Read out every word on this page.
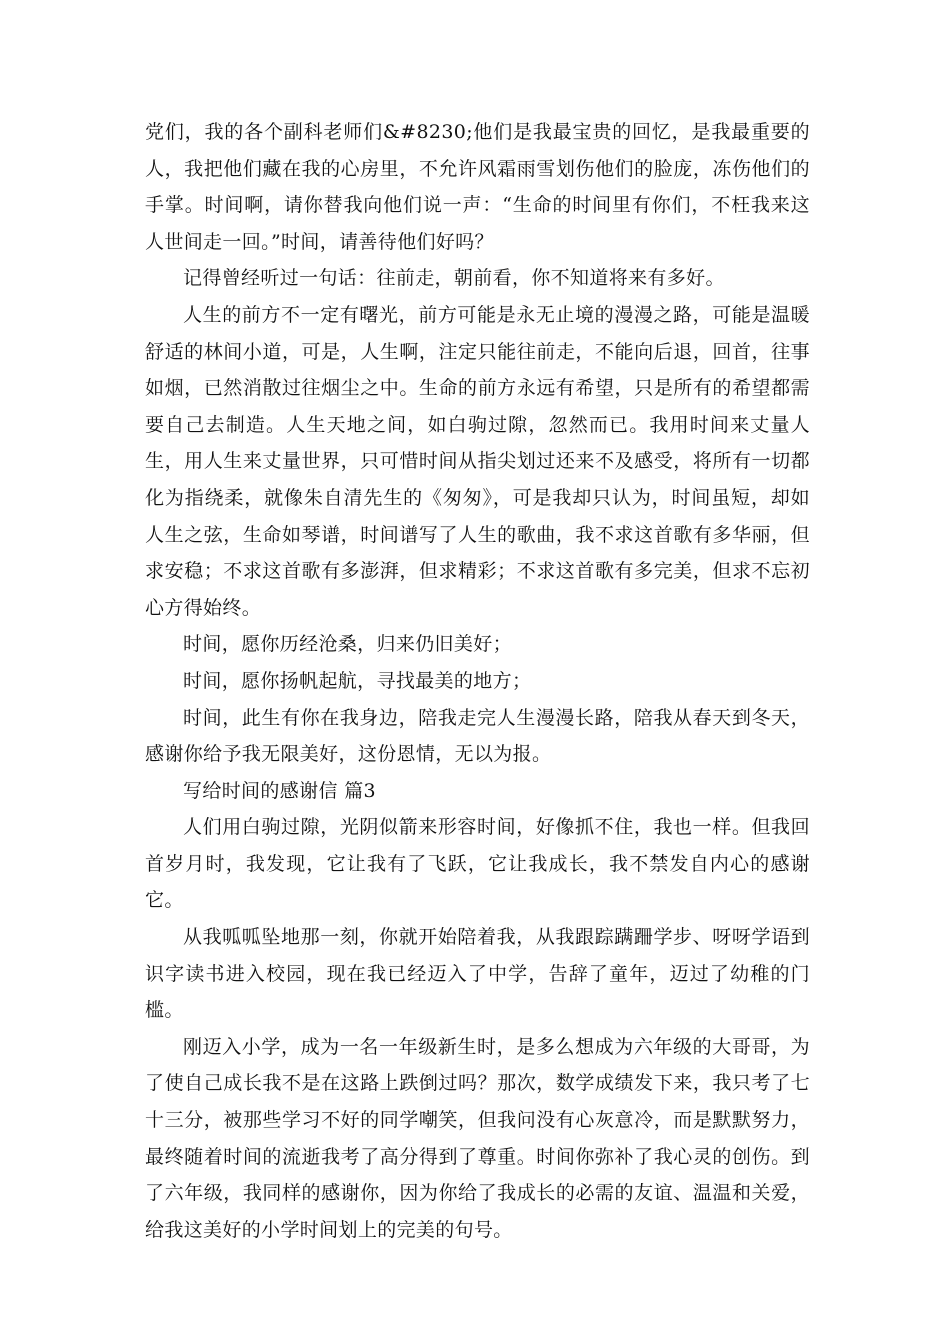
党们，我的各个副科老师们&#8230;他们是我最宝贵的回忆，是我最重要的人，我把他们藏在我的心房里，不允许风霜雨雪划伤他们的脸庞，冻伤他们的手掌。时间啊，请你替我向他们说一声：“生命的时间里有你们，不枉我来这人世间走一回。”时间，请善待他们好吗？

记得曾经听过一句话：往前走，朝前看，你不知道将来有多好。

人生的前方不一定有曙光，前方可能是永无止境的漫漫之路，可能是温暖舒适的林间小道，可是，人生啊，注定只能往前走，不能向后退，回首，往事如烟，已然消散过往烟尘之中。生命的前方永远有希望，只是所有的希望都需要自己去制造。人生天地之间，如白驹过隙，忽然而已。我用时间来丈量人生，用人生来丈量世界，只可惜时间从指尖划过还来不及感受，将所有一切都化为指绕柔，就像朱自清先生的《匆匆》，可是我却只认为，时间虽短，却如人生之弦，生命如琴谱，时间谱写了人生的歌曲，我不求这首歌有多华丽，但求安稳；不求这首歌有多澎湃，但求精彩；不求这首歌有多完美，但求不忘初心方得始终。

时间，愿你历经沧桑，归来仍旧美好；

时间，愿你扬帆起航，寻找最美的地方；

时间，此生有你在我身边，陪我走完人生漫漫长路，陪我从春天到冬天，感谢你给予我无限美好，这份恩情，无以为报。

写给时间的感谢信 篇3

人们用白驹过隙，光阴似箭来形容时间，好像抓不住，我也一样。但我回首岁月时，我发现，它让我有了飞跃，它让我成长，我不禁发自内心的感谢它。

从我呱呱坠地那一刻，你就开始陪着我，从我跟踪蹒跚学步、呀呀学语到识字读书进入校园，现在我已经迈入了中学，告辞了童年，迈过了幼稚的门槛。

刚迈入小学，成为一名一年级新生时，是多么想成为六年级的大哥哥，为了使自己成长我不是在这路上跌倒过吗？那次，数学成绩发下来，我只考了七十三分，被那些学习不好的同学嘲笑，但我问没有心灰意冷，而是默默努力，最终随着时间的流逝我考了高分得到了尊重。时间你弥补了我心灵的创伤。到了六年级，我同样的感谢你，因为你给了我成长的必需的友谊、温温和关爱，给我这美好的小学时间划上的完美的句号。
